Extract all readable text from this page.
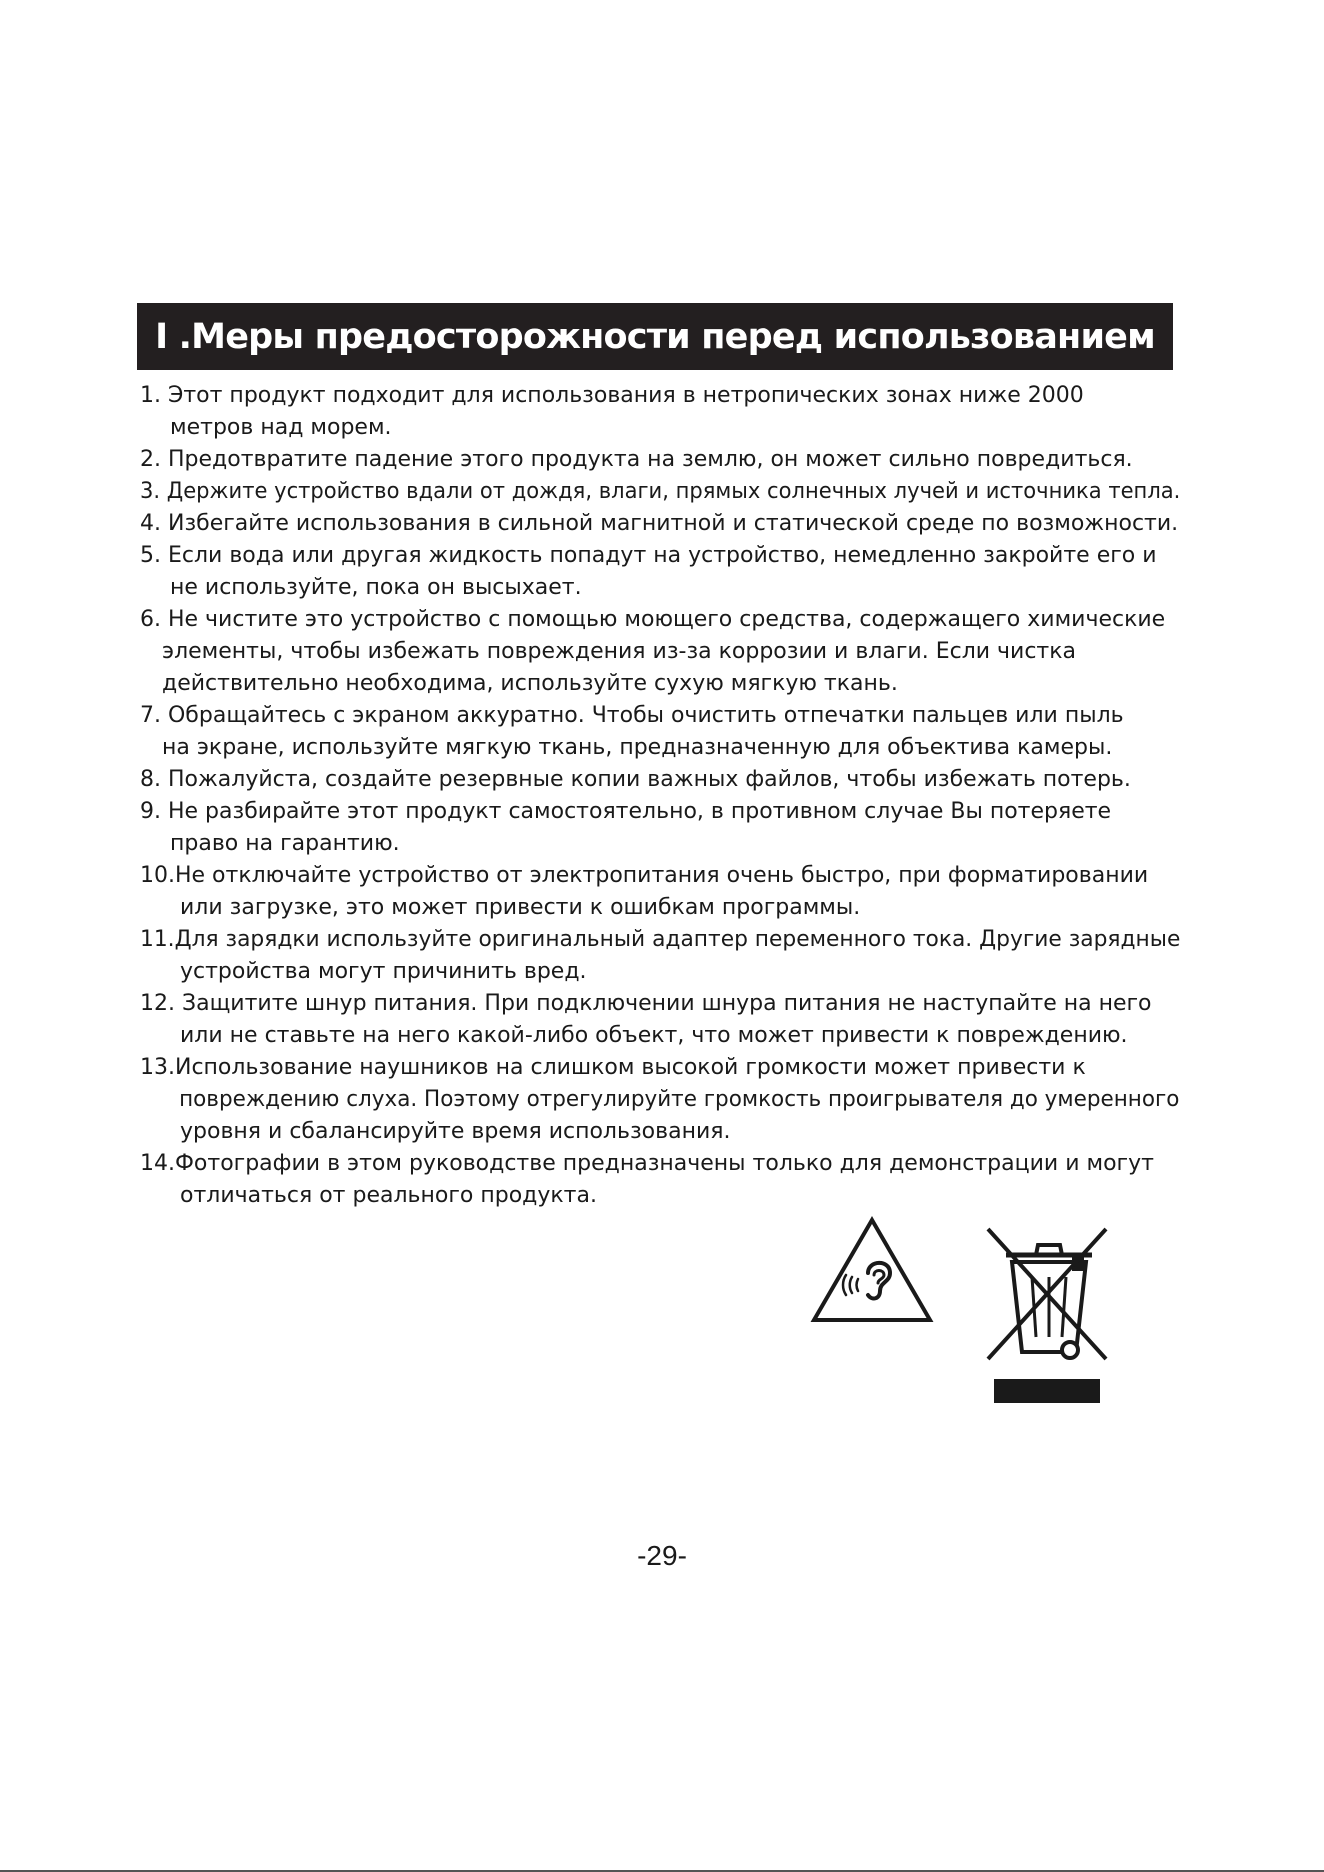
Ⅰ .Меры предосторожности перед использованием
1. Этот продукт подходит для использования в нетропических зонах ниже 2000
метров над морем.
2. Предотвратите падение этого продукта на землю, он может сильно повредиться.
3. Держите устройство вдали от дождя, влаги, прямых солнечных лучей и источника тепла.
4. Избегайте использования в сильной магнитной и статической среде по возможности.
5. Если вода или другая жидкость попадут на устройство, немедленно закройте его и
не используйте, пока он высыхает.
6. Не чистите это устройство с помощью моющего средства, содержащего химические
элементы, чтобы избежать повреждения из-за коррозии и влаги. Если чистка
действительно необходима, используйте сухую мягкую ткань.
7. Обращайтесь с экраном аккуратно. Чтобы очистить отпечатки пальцев или пыль
на экране, используйте мягкую ткань, предназначенную для объектива камеры.
8. Пожалуйста, создайте резервные копии важных файлов, чтобы избежать потерь.
9. Не разбирайте этот продукт самостоятельно, в противном случае Вы потеряете
право на гарантию.
10.Не отключайте устройство от электропитания очень быстро, при форматировании
или загрузке, это может привести к ошибкам программы.
11.Для зарядки используйте оригинальный адаптер переменного тока. Другие зарядные
устройства могут причинить вред.
12. Защитите шнур питания. При подключении шнура питания не наступайте на него
или не ставьте на него какой-либо объект, что может привести к повреждению.
13.Использование наушников на слишком высокой громкости может привести к
повреждению слуха. Поэтому отрегулируйте громкость проигрывателя до умеренного
уровня и сбалансируйте время использования.
14.Фотографии в этом руководстве предназначены только для демонстрации и могут
отличаться от реального продукта.
-29-
